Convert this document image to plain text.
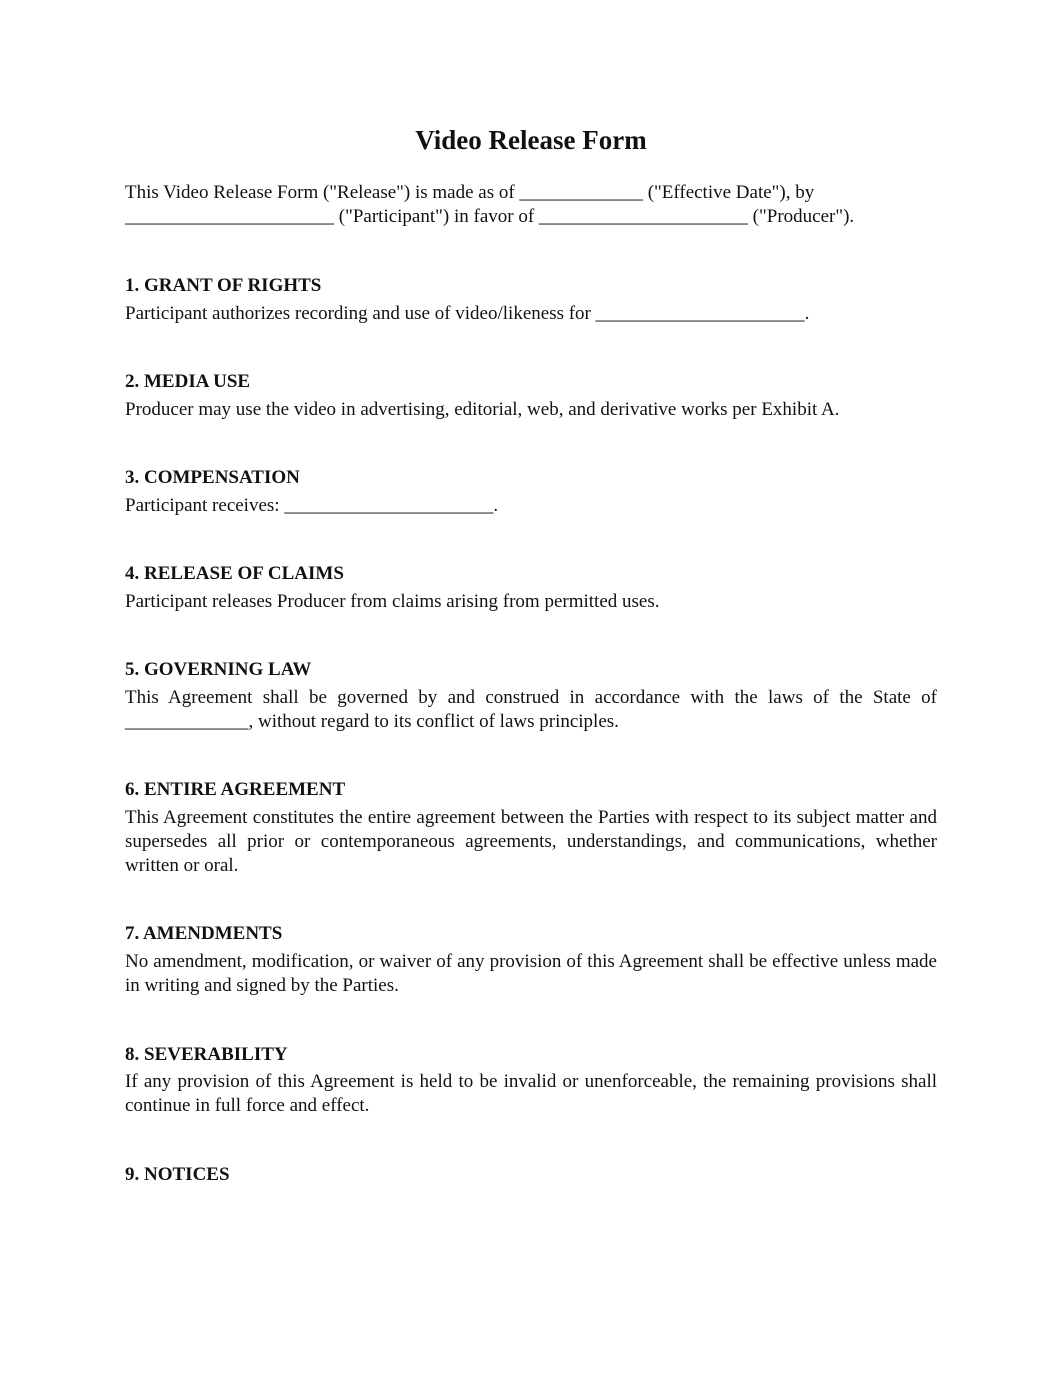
Video Release Form
This Video Release Form ("Release") is made as of _____________ ("Effective Date"), by
______________________ ("Participant") in favor of ______________________ ("Producer").
1. GRANT OF RIGHTS
Participant authorizes recording and use of video/likeness for ______________________.
2. MEDIA USE
Producer may use the video in advertising, editorial, web, and derivative works per Exhibit A.
3. COMPENSATION
Participant receives: ______________________.
4. RELEASE OF CLAIMS
Participant releases Producer from claims arising from permitted uses.
5. GOVERNING LAW
This Agreement shall be governed by and construed in accordance with the laws of the State of _____________, without regard to its conflict of laws principles.
6. ENTIRE AGREEMENT
This Agreement constitutes the entire agreement between the Parties with respect to its subject matter and supersedes all prior or contemporaneous agreements, understandings, and communications, whether written or oral.
7. AMENDMENTS
No amendment, modification, or waiver of any provision of this Agreement shall be effective unless made in writing and signed by the Parties.
8. SEVERABILITY
If any provision of this Agreement is held to be invalid or unenforceable, the remaining provisions shall continue in full force and effect.
9. NOTICES
